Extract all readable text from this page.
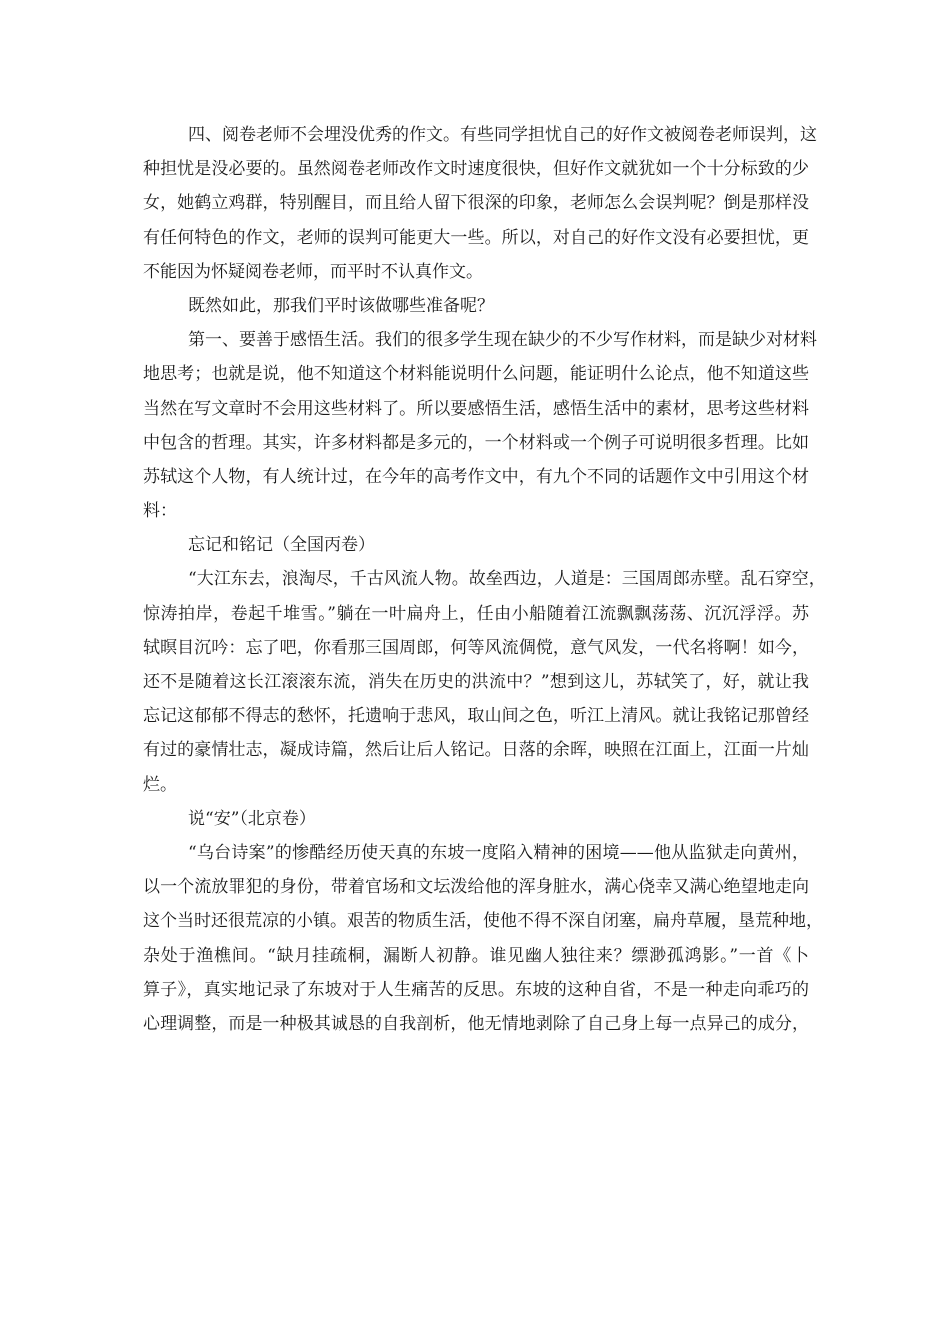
四、阅卷老师不会埋没优秀的作文。有些同学担忧自己的好作文被阅卷老师误判，这
种担忧是没必要的。虽然阅卷老师改作文时速度很快，但好作文就犹如一个十分标致的少
女，她鹤立鸡群，特别醒目，而且给人留下很深的印象，老师怎么会误判呢？倒是那样没
有任何特色的作文，老师的误判可能更大一些。所以，对自己的好作文没有必要担忧，更
不能因为怀疑阅卷老师，而平时不认真作文。
既然如此，那我们平时该做哪些准备呢？
第一、要善于感悟生活。我们的很多学生现在缺少的不少写作材料，而是缺少对材料
地思考；也就是说，他不知道这个材料能说明什么问题，能证明什么论点，他不知道这些
当然在写文章时不会用这些材料了。所以要感悟生活，感悟生活中的素材，思考这些材料
中包含的哲理。其实，许多材料都是多元的，一个材料或一个例子可说明很多哲理。比如
苏轼这个人物，有人统计过，在今年的高考作文中，有九个不同的话题作文中引用这个材
料：
忘记和铭记（全国丙卷）
“大江东去，浪淘尽，千古风流人物。故垒西边，人道是：三国周郎赤壁。乱石穿空，
惊涛拍岸，卷起千堆雪。”躺在一叶扁舟上，任由小船随着江流飘飘荡荡、沉沉浮浮。苏
轼暝目沉吟：忘了吧，你看那三国周郎，何等风流倜傥，意气风发，一代名将啊！如今，
还不是随着这长江滚滚东流，消失在历史的洪流中？”想到这儿，苏轼笑了，好，就让我
忘记这郁郁不得志的愁怀，托遗响于悲风，取山间之色，听江上清风。就让我铭记那曾经
有过的豪情壮志，凝成诗篇，然后让后人铭记。日落的余晖，映照在江面上，江面一片灿
烂。
说“安”（北京卷）
“乌台诗案”的惨酷经历使天真的东坡一度陷入精神的困境——他从监狱走向黄州，
以一个流放罪犯的身份，带着官场和文坛泼给他的浑身脏水，满心侥幸又满心绝望地走向
这个当时还很荒凉的小镇。艰苦的物质生活，使他不得不深自闭塞，扁舟草履，垦荒种地，
杂处于渔樵间。“缺月挂疏桐，漏断人初静。谁见幽人独往来？缥渺孤鸿影。”一首《卜
算子》，真实地记录了东坡对于人生痛苦的反思。东坡的这种自省，不是一种走向乖巧的
心理调整，而是一种极其诚恳的自我剖析，他无情地剥除了自己身上每一点异己的成分，
